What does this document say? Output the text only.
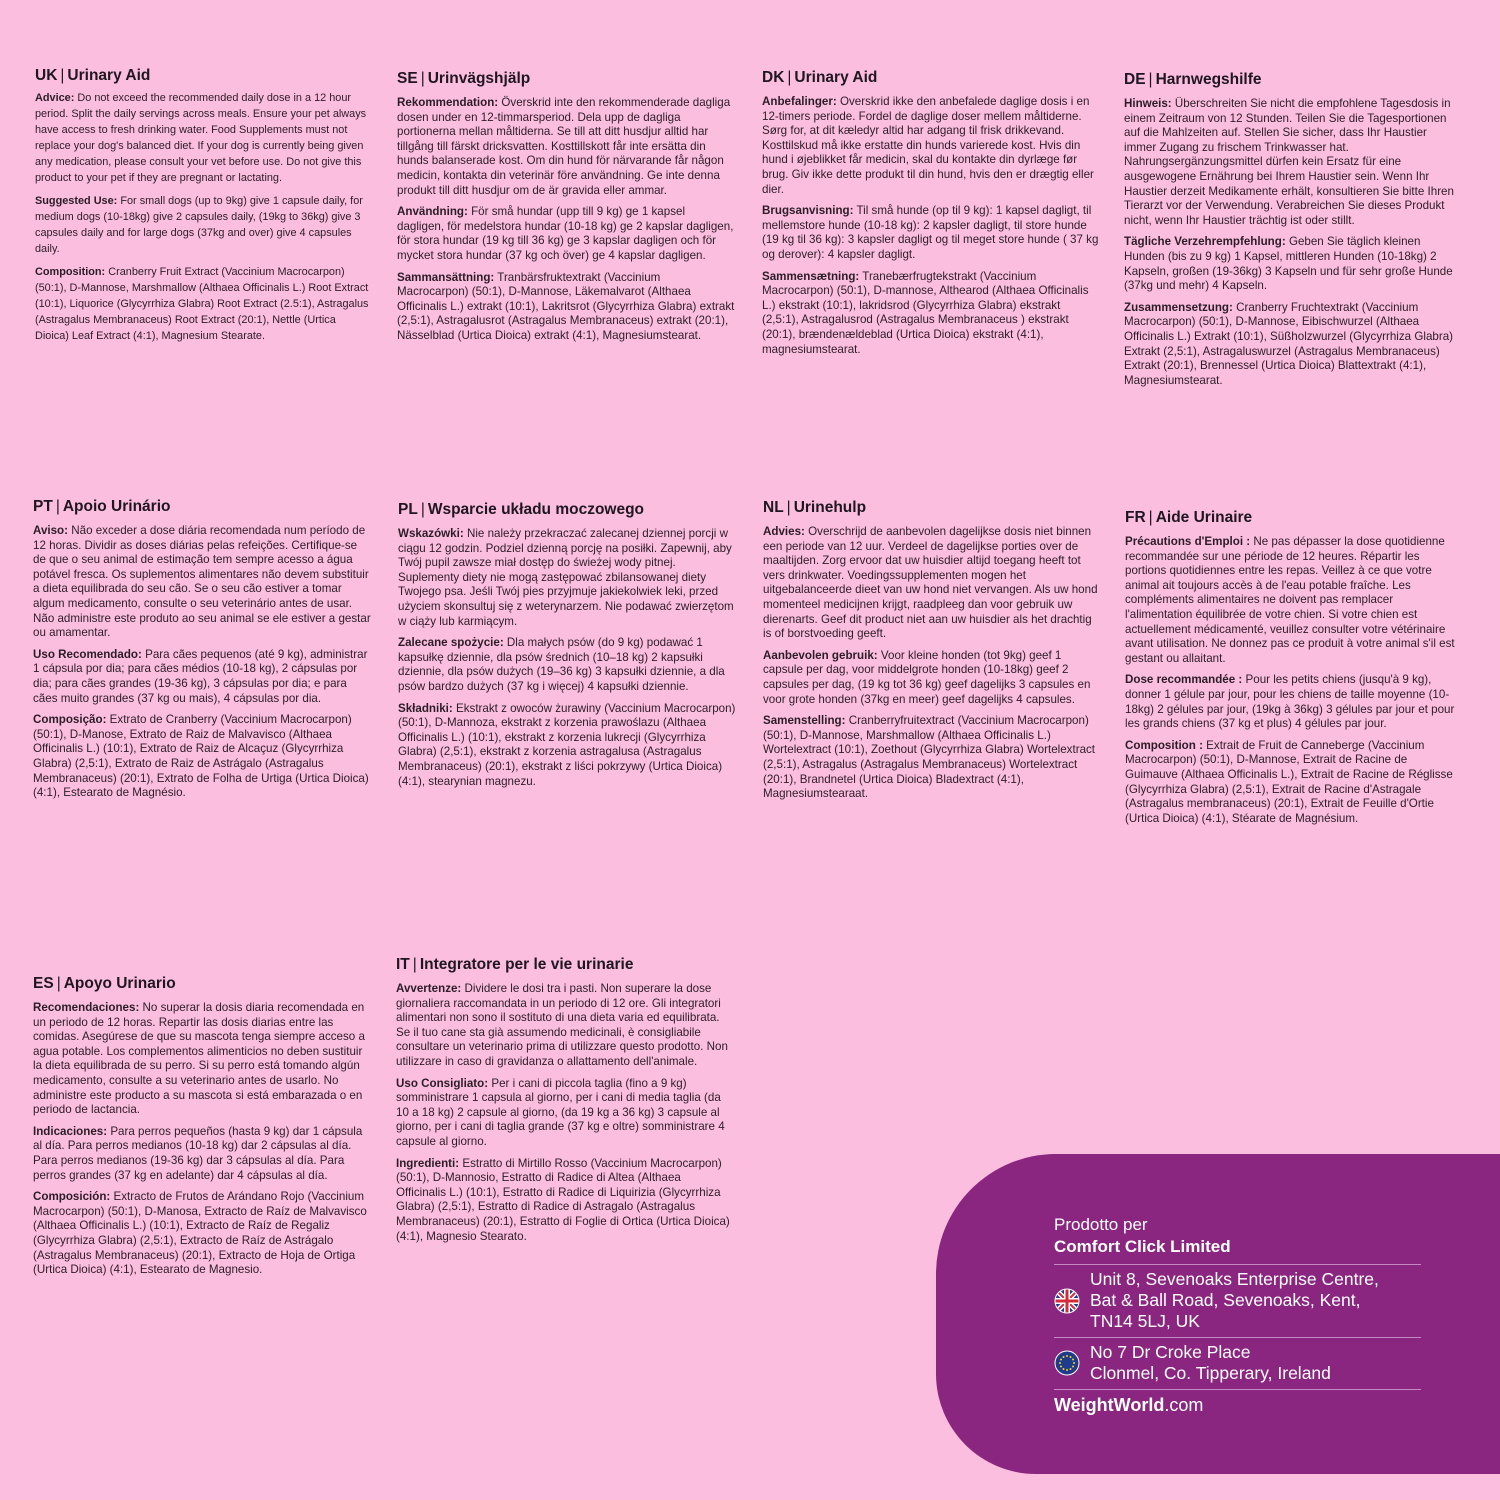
UK | Urinary Aid

Advice: Do not exceed the recommended daily dose in a 12 hour period. Split the daily servings across meals. Ensure your pet always have access to fresh drinking water. Food Supplements must not replace your dog's balanced diet. If your dog is currently being given any medication, please consult your vet before use. Do not give this product to your pet if they are pregnant or lactating.

Suggested Use: For small dogs (up to 9kg) give 1 capsule daily, for medium dogs (10-18kg) give 2 capsules daily, (19kg to 36kg) give 3 capsules daily and for large dogs (37kg and over) give 4 capsules daily.

Composition: Cranberry Fruit Extract (Vaccinium Macrocarpon) (50:1), D-Mannose, Marshmallow (Althaea Officinalis L.) Root Extract (10:1), Liquorice (Glycyrrhiza Glabra) Root Extract (2.5:1), Astragalus (Astragalus Membranaceus) Root Extract (20:1), Nettle (Urtica Dioica) Leaf Extract (4:1), Magnesium Stearate.

SE | Urinvägshjälp

Rekommendation: Överskrid inte den rekommenderade dagliga dosen under en 12-timmarsperiod. Dela upp de dagliga portionerna mellan måltiderna. Se till att ditt husdjur alltid har tillgång till färskt dricksvatten. Kosttillskott får inte ersätta din hunds balanserade kost. Om din hund för närvarande får någon medicin, kontakta din veterinär före användning. Ge inte denna produkt till ditt husdjur om de är gravida eller ammar.

Användning: För små hundar (upp till 9 kg) ge 1 kapsel dagligen, för medelstora hundar (10-18 kg) ge 2 kapslar dagligen, för stora hundar (19 kg till 36 kg) ge 3 kapslar dagligen och för mycket stora hundar (37 kg och över) ge 4 kapslar dagligen.

Sammansättning: Tranbärsfruktextrakt (Vaccinium Macrocarpon) (50:1), D-Mannose, Läkemalvarot (Althaea Officinalis L.) extrakt (10:1), Lakritsrot (Glycyrrhiza Glabra) extrakt (2,5:1), Astragalusrot (Astragalus Membranaceus) extrakt (20:1), Nässelblad (Urtica Dioica) extrakt (4:1), Magnesiumstearat.

DK | Urinary Aid

Anbefalinger: Overskrid ikke den anbefalede daglige dosis i en 12-timers periode. Fordel de daglige doser mellem måltiderne. Sørg for, at dit kæledyr altid har adgang til frisk drikkevand. Kosttilskud må ikke erstatte din hunds varierede kost. Hvis din hund i øjeblikket får medicin, skal du kontakte din dyrlæge før brug. Giv ikke dette produkt til din hund, hvis den er drægtig eller dier.

Brugsanvisning: Til små hunde (op til 9 kg): 1 kapsel dagligt, til mellemstore hunde (10-18 kg): 2 kapsler dagligt, til store hunde (19 kg til 36 kg): 3 kapsler dagligt og til meget store hunde ( 37 kg og derover): 4 kapsler dagligt.

Sammensætning: Tranebærfrugtekstrakt (Vaccinium Macrocarpon) (50:1), D-mannose, Althearod (Althaea Officinalis L.) ekstrakt (10:1), lakridsrod (Glycyrrhiza Glabra) ekstrakt (2,5:1), Astragalusrod (Astragalus Membranaceus ) ekstrakt (20:1), brændenældeblad (Urtica Dioica) ekstrakt (4:1), magnesiumstearat.

DE | Harnwegshilfe

Hinweis: Überschreiten Sie nicht die empfohlene Tagesdosis in einem Zeitraum von 12 Stunden. Teilen Sie die Tagesportionen auf die Mahlzeiten auf. Stellen Sie sicher, dass Ihr Haustier immer Zugang zu frischem Trinkwasser hat. Nahrungsergänzungsmittel dürfen kein Ersatz für eine ausgewogene Ernährung bei Ihrem Haustier sein. Wenn Ihr Haustier derzeit Medikamente erhält, konsultieren Sie bitte Ihren Tierarzt vor der Verwendung. Verabreichen Sie dieses Produkt nicht, wenn Ihr Haustier trächtig ist oder stillt.

Tägliche Verzehrempfehlung: Geben Sie täglich kleinen Hunden (bis zu 9 kg) 1 Kapsel, mittleren Hunden (10-18kg) 2 Kapseln, großen (19-36kg) 3 Kapseln und für sehr große Hunde (37kg und mehr) 4 Kapseln.

Zusammensetzung: Cranberry Fruchtextrakt (Vaccinium Macrocarpon) (50:1), D-Mannose, Eibischwurzel (Althaea Officinalis L.) Extrakt (10:1), Süßholzwurzel (Glycyrrhiza Glabra) Extrakt (2,5:1), Astragaluswurzel (Astragalus Membranaceus) Extrakt (20:1), Brennessel (Urtica Dioica) Blattextrakt (4:1), Magnesiumstearat.

PT | Apoio Urinário

Aviso: Não exceder a dose diária recomendada num período de 12 horas. Dividir as doses diárias pelas refeições. Certifique-se de que o seu animal de estimação tem sempre acesso a água potável fresca. Os suplementos alimentares não devem substituir a dieta equilibrada do seu cão. Se o seu cão estiver a tomar algum medicamento, consulte o seu veterinário antes de usar. Não administre este produto ao seu animal se ele estiver a gestar ou amamentar.

Uso Recomendado: Para cães pequenos (até 9 kg), administrar 1 cápsula por dia; para cães médios (10-18 kg), 2 cápsulas por dia; para cães grandes (19-36 kg), 3 cápsulas por dia; e para cães muito grandes (37 kg ou mais), 4 cápsulas por dia.

Composição: Extrato de Cranberry (Vaccinium Macrocarpon) (50:1), D-Manose, Extrato de Raiz de Malvavisco (Althaea Officinalis L.) (10:1), Extrato de Raiz de Alcaçuz (Glycyrrhiza Glabra) (2,5:1), Extrato de Raiz de Astrágalo (Astragalus Membranaceus) (20:1), Extrato de Folha de Urtiga (Urtica Dioica) (4:1), Estearato de Magnésio.

PL | Wsparcie układu moczowego

Wskazówki: Nie należy przekraczać zalecanej dziennej porcji w ciągu 12 godzin. Podziel dzienną porcję na posiłki. Zapewnij, aby Twój pupil zawsze miał dostęp do świeżej wody pitnej. Suplementy diety nie mogą zastępować zbilansowanej diety Twojego psa. Jeśli Twój pies przyjmuje jakiekolwiek leki, przed użyciem skonsultuj się z weterynarzem. Nie podawać zwierzętom w ciąży lub karmiącym.

Zalecane spożycie: Dla małych psów (do 9 kg) podawać 1 kapsułkę dziennie, dla psów średnich (10–18 kg) 2 kapsułki dziennie, dla psów dużych (19–36 kg) 3 kapsułki dziennie, a dla psów bardzo dużych (37 kg i więcej) 4 kapsułki dziennie.

Składniki: Ekstrakt z owoców żurawiny (Vaccinium Macrocarpon) (50:1), D-Mannoza, ekstrakt z korzenia prawoślazu (Althaea Officinalis L.) (10:1), ekstrakt z korzenia lukrecji (Glycyrrhiza Glabra) (2,5:1), ekstrakt z korzenia astragalusa (Astragalus Membranaceus) (20:1), ekstrakt z liści pokrzywy (Urtica Dioica) (4:1), stearynian magnezu.

NL | Urinehulp

Advies: Overschrijd de aanbevolen dagelijkse dosis niet binnen een periode van 12 uur. Verdeel de dagelijkse porties over de maaltijden. Zorg ervoor dat uw huisdier altijd toegang heeft tot vers drinkwater. Voedingssupplementen mogen het uitgebalanceerde dieet van uw hond niet vervangen. Als uw hond momenteel medicijnen krijgt, raadpleeg dan voor gebruik uw dierenarts. Geef dit product niet aan uw huisdier als het drachtig is of borstvoeding geeft.

Aanbevolen gebruik: Voor kleine honden (tot 9kg) geef 1 capsule per dag, voor middelgrote honden (10-18kg) geef 2 capsules per dag, (19 kg tot 36 kg) geef dagelijks 3 capsules en voor grote honden (37kg en meer) geef dagelijks 4 capsules.

Samenstelling: Cranberryfruitextract (Vaccinium Macrocarpon) (50:1), D-Mannose, Marshmallow (Althaea Officinalis L.) Wortelextract (10:1), Zoethout (Glycyrrhiza Glabra) Wortelextract (2,5:1), Astragalus (Astragalus Membranaceus) Wortelextract (20:1), Brandnetel (Urtica Dioica) Bladextract (4:1), Magnesiumstearaat.

FR | Aide Urinaire

Précautions d'Emploi : Ne pas dépasser la dose quotidienne recommandée sur une période de 12 heures. Répartir les portions quotidiennes entre les repas. Veillez à ce que votre animal ait toujours accès à de l'eau potable fraîche. Les compléments alimentaires ne doivent pas remplacer l'alimentation équilibrée de votre chien. Si votre chien est actuellement médicamenté, veuillez consulter votre vétérinaire avant utilisation. Ne donnez pas ce produit à votre animal s'il est gestant ou allaitant.

Dose recommandée : Pour les petits chiens (jusqu'à 9 kg), donner 1 gélule par jour, pour les chiens de taille moyenne (10-18kg) 2 gélules par jour, (19kg à 36kg) 3 gélules par jour et pour les grands chiens (37 kg et plus) 4 gélules par jour.

Composition : Extrait de Fruit de Canneberge (Vaccinium Macrocarpon) (50:1), D-Mannose, Extrait de Racine de Guimauve (Althaea Officinalis L.), Extrait de Racine de Réglisse (Glycyrrhiza Glabra) (2,5:1), Extrait de Racine d'Astragale (Astragalus membranaceus) (20:1), Extrait de Feuille d'Ortie (Urtica Dioica) (4:1), Stéarate de Magnésium.

ES | Apoyo Urinario

Recomendaciones: No superar la dosis diaria recomendada en un periodo de 12 horas. Repartir las dosis diarias entre las comidas. Asegúrese de que su mascota tenga siempre acceso a agua potable. Los complementos alimenticios no deben sustituir la dieta equilibrada de su perro. Si su perro está tomando algún medicamento, consulte a su veterinario antes de usarlo. No administre este producto a su mascota si está embarazada o en periodo de lactancia.

Indicaciones: Para perros pequeños (hasta 9 kg) dar 1 cápsula al día. Para perros medianos (10-18 kg) dar 2 cápsulas al día. Para perros medianos (19-36 kg) dar 3 cápsulas al día. Para perros grandes (37 kg en adelante) dar 4 cápsulas al día.

Composición: Extracto de Frutos de Arándano Rojo (Vaccinium Macrocarpon) (50:1), D-Manosa, Extracto de Raíz de Malvavisco (Althaea Officinalis L.) (10:1), Extracto de Raíz de Regaliz (Glycyrrhiza Glabra) (2,5:1), Extracto de Raíz de Astrágalo (Astragalus Membranaceus) (20:1), Extracto de Hoja de Ortiga (Urtica Dioica) (4:1), Estearato de Magnesio.

IT | Integratore per le vie urinarie

Avvertenze: Dividere le dosi tra i pasti. Non superare la dose giornaliera raccomandata in un periodo di 12 ore. Gli integratori alimentari non sono il sostituto di una dieta varia ed equilibrata. Se il tuo cane sta già assumendo medicinali, è consigliabile consultare un veterinario prima di utilizzare questo prodotto. Non utilizzare in caso di gravidanza o allattamento dell'animale.

Uso Consigliato: Per i cani di piccola taglia (fino a 9 kg) somministrare 1 capsula al giorno, per i cani di media taglia (da 10 a 18 kg) 2 capsule al giorno, (da 19 kg a 36 kg) 3 capsule al giorno, per i cani di taglia grande (37 kg e oltre) somministrare 4 capsule al giorno.

Ingredienti: Estratto di Mirtillo Rosso (Vaccinium Macrocarpon) (50:1), D-Mannosio, Estratto di Radice di Altea (Althaea Officinalis L.) (10:1), Estratto di Radice di Liquirizia (Glycyrrhiza Glabra) (2,5:1), Estratto di Radice di Astragalo (Astragalus Membranaceus) (20:1), Estratto di Foglie di Ortica (Urtica Dioica) (4:1), Magnesio Stearato.

Prodotto per
Comfort Click Limited
Unit 8, Sevenoaks Enterprise Centre,
Bat & Ball Road, Sevenoaks, Kent,
TN14 5LJ, UK
No 7 Dr Croke Place
Clonmel, Co. Tipperary, Ireland
WeightWorld.com
